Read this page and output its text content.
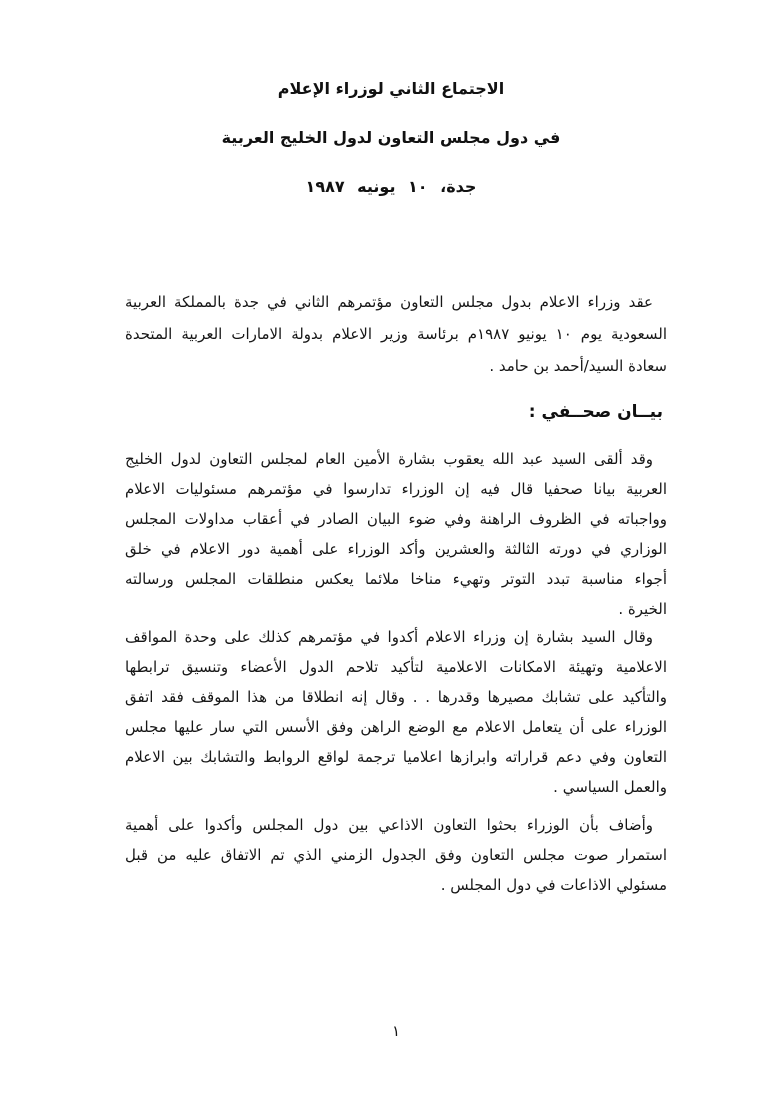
الاجتماع الثاني لوزراء الإعلام
في دول مجلس التعاون لدول الخليج العربية
جدة، ١٠ يونيه ١٩٨٧
عقد وزراء الاعلام بدول مجلس التعاون مؤتمرهم الثاني في جدة بالمملكة العربية
السعودية يوم ١٠ يونيو ١٩٨٧م برئاسة وزير الاعلام بدولة الامارات العربية المتحدة
سعادة السيد/أحمد بن حامد .
بيــان صحــفي :
وقد ألقى السيد عبد الله يعقوب بشارة الأمين العام لمجلس التعاون لدول الخليج
العربية بيانا صحفيا قال فيه إن الوزراء تدارسوا في مؤتمرهم مسئوليات الاعلام
وواجباته في الظروف الراهنة وفي ضوء البيان الصادر في أعقاب مداولات المجلس
الوزاري في دورته الثالثة والعشرين وأكد الوزراء على أهمية دور الاعلام في خلق
أجواء مناسبة تبدد التوتر وتهيء مناخا ملائما يعكس منطلقات المجلس ورسالته
الخيرة .
وقال السيد بشارة إن وزراء الاعلام أكدوا في مؤتمرهم كذلك على وحدة المواقف
الاعلامية وتهيئة الامكانات الاعلامية لتأكيد تلاحم الدول الأعضاء وتنسيق ترابطها
والتأكيد على تشابك مصيرها وقدرها . . وقال إنه انطلاقا من هذا الموقف فقد اتفق
الوزراء على أن يتعامل الاعلام مع الوضع الراهن وفق الأسس التي سار عليها مجلس
التعاون وفي دعم قراراته وابرازها اعلاميا ترجمة لواقع الروابط والتشابك بين الاعلام
والعمل السياسي .
وأضاف بأن الوزراء بحثوا التعاون الاذاعي بين دول المجلس وأكدوا على أهمية
استمرار صوت مجلس التعاون وفق الجدول الزمني الذي تم الاتفاق عليه من قبل
مسئولي الاذاعات في دول المجلس .
١
